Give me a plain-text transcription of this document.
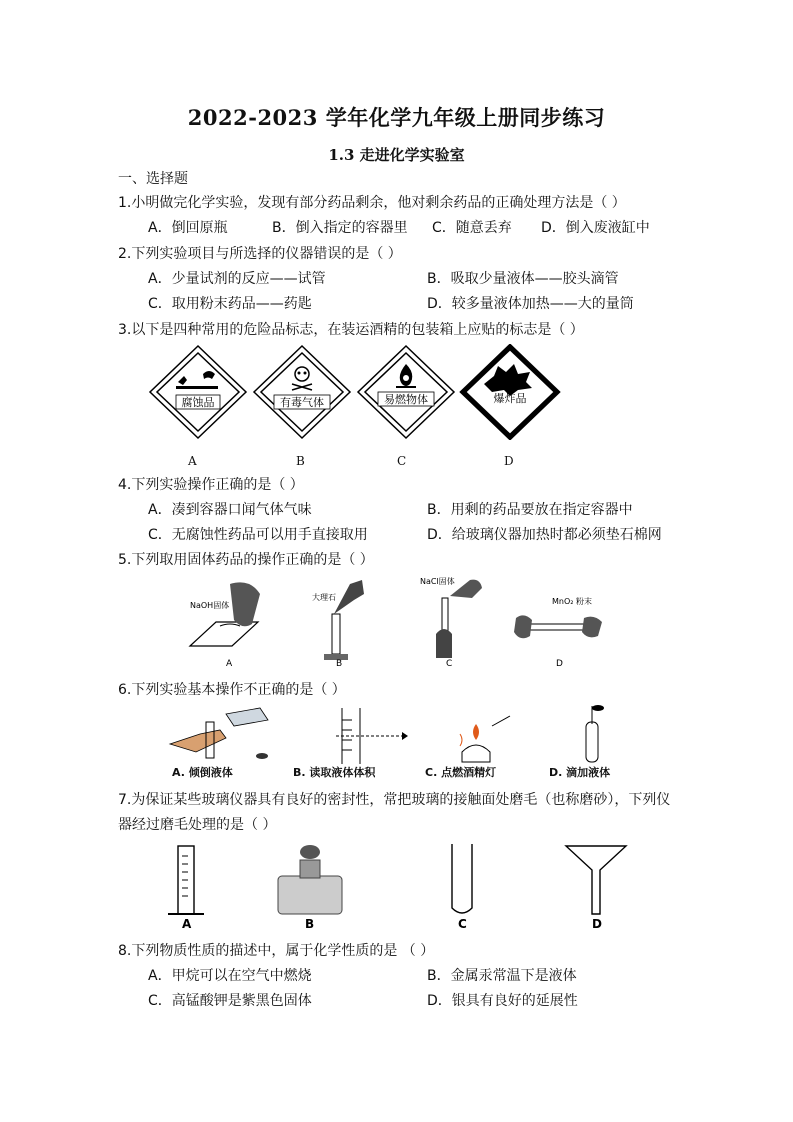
2022-2023 学年化学九年级上册同步练习
1.3 走进化学实验室
一、选择题
1.小明做完化学实验，发现有部分药品剩余，他对剩余药品的正确处理方法是（ ）
A．倒回原瓶	B．倒入指定的容器里 C．随意丢弃 D．倒入废液缸中
2.下列实验项目与所选择的仪器错误的是（ ）
A．少量试剂的反应——试管	B．吸取少量液体——胶头滴管
C．取用粉末药品——药匙	D．较多量液体加热——大的量筒
3.以下是四种常用的危险品标志，在装运酒精的包装箱上应贴的标志是（ ）
腐蚀品	有毒气体	易燃物体	爆炸品
A	B	C	D
4.下列实验操作正确的是（ ）
A．凑到容器口闻气体气味	B．用剩的药品要放在指定容器中
C．无腐蚀性药品可以用手直接取用	D．给玻璃仪器加热时都必须垫石棉网
5.下列取用固体药品的操作正确的是（ ）
NaOH固体
大理石
NaCl固体
MnO₂ 粉末
A	B	C	D
6.下列实验基本操作不正确的是（ ）
A. 倾倒液体	B. 读取液体体积	C. 点燃酒精灯	D. 滴加液体
7.为保证某些玻璃仪器具有良好的密封性，常把玻璃的接触面处磨毛（也称磨砂），下列仪
器经过磨毛处理的是（ ）
A	B	C	D
8.下列物质性质的描述中，属于化学性质的是 （ ）
A．甲烷可以在空气中燃烧	B．金属汞常温下是液体
C．高锰酸钾是紫黑色固体	D．银具有良好的延展性
